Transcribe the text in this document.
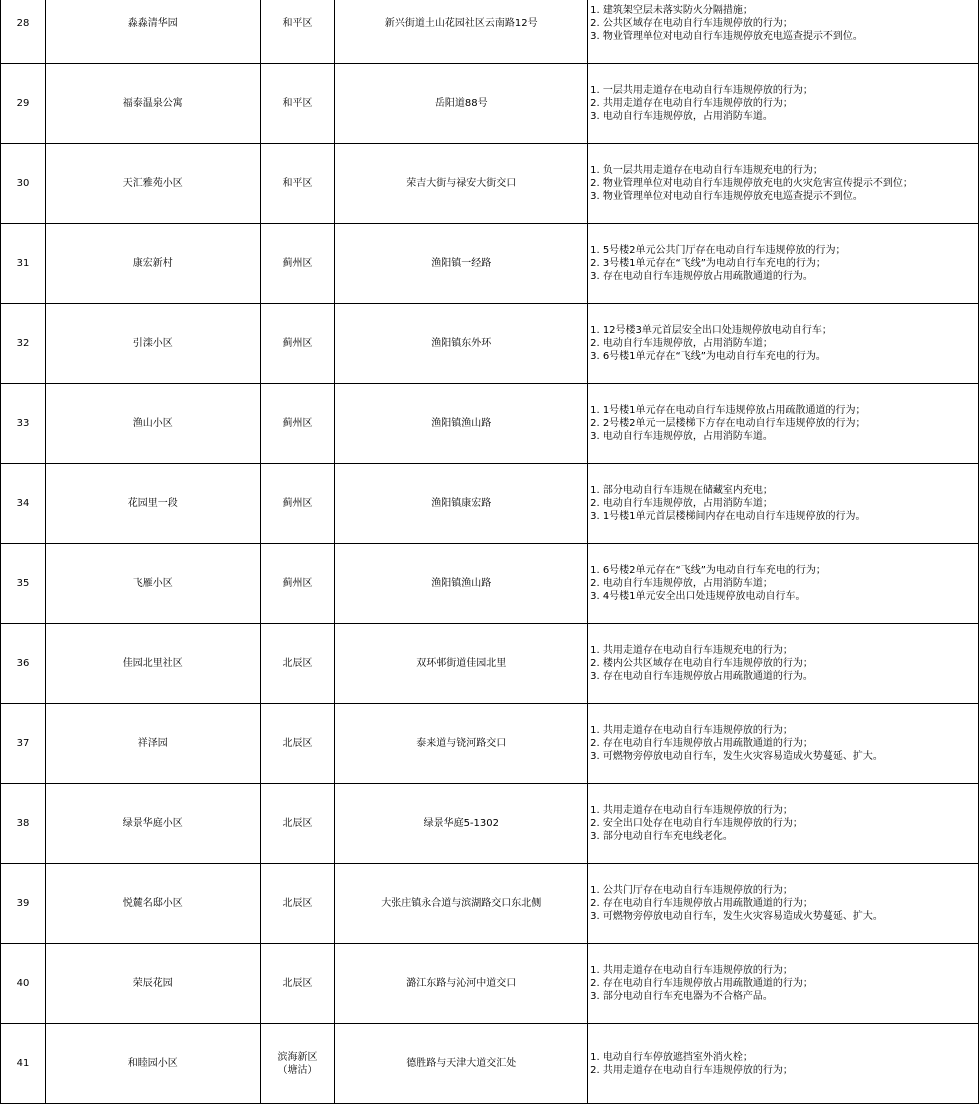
28	淼淼清华园	和平区	新兴街道土山花园社区云南路12号	1. 建筑架空层未落实防火分隔措施；
2. 公共区域存在电动自行车违规停放的行为；
3. 物业管理单位对电动自行车违规停放充电巡查提示不到位。

29	福泰温泉公寓	和平区	岳阳道88号	1. 一层共用走道存在电动自行车违规停放的行为；
2. 共用走道存在电动自行车违规停放的行为；
3. 电动自行车违规停放，占用消防车道。

30	天汇雅苑小区	和平区	荣吉大街与禄安大街交口	1. 负一层共用走道存在电动自行车违规充电的行为；
2. 物业管理单位对电动自行车违规停放充电的火灾危害宣传提示不到位；
3. 物业管理单位对电动自行车违规停放充电巡查提示不到位。

31	康宏新村	蓟州区	渔阳镇一经路	1. 5号楼2单元公共门厅存在电动自行车违规停放的行为；
2. 3号楼1单元存在“飞线”为电动自行车充电的行为；
3. 存在电动自行车违规停放占用疏散通道的行为。

32	引滦小区	蓟州区	渔阳镇东外环	1. 12号楼3单元首层安全出口处违规停放电动自行车；
2. 电动自行车违规停放，占用消防车道；
3. 6号楼1单元存在“飞线”为电动自行车充电的行为。

33	渔山小区	蓟州区	渔阳镇渔山路	1. 1号楼1单元存在电动自行车违规停放占用疏散通道的行为；
2. 2号楼2单元一层楼梯下方存在电动自行车违规停放的行为；
3. 电动自行车违规停放，占用消防车道。

34	花园里一段	蓟州区	渔阳镇康宏路	1. 部分电动自行车违规在储藏室内充电；
2. 电动自行车违规停放，占用消防车道；
3. 1号楼1单元首层楼梯间内存在电动自行车违规停放的行为。

35	飞雁小区	蓟州区	渔阳镇渔山路	1. 6号楼2单元存在“飞线”为电动自行车充电的行为；
2. 电动自行车违规停放，占用消防车道；
3. 4号楼1单元安全出口处违规停放电动自行车。

36	佳园北里社区	北辰区	双环邨街道佳园北里	1. 共用走道存在电动自行车违规充电的行为；
2. 楼内公共区域存在电动自行车违规停放的行为；
3. 存在电动自行车违规停放占用疏散通道的行为。

37	祥泽园	北辰区	泰来道与铙河路交口	1. 共用走道存在电动自行车违规停放的行为；
2. 存在电动自行车违规停放占用疏散通道的行为；
3. 可燃物旁停放电动自行车，发生火灾容易造成火势蔓延、扩大。

38	绿景华庭小区	北辰区	绿景华庭5-1302	1. 共用走道存在电动自行车违规停放的行为；
2. 安全出口处存在电动自行车违规停放的行为；
3. 部分电动自行车充电线老化。

39	悦麓名邸小区	北辰区	大张庄镇永合道与滨湖路交口东北侧	1. 公共门厅存在电动自行车违规停放的行为；
2. 存在电动自行车违规停放占用疏散通道的行为；
3. 可燃物旁停放电动自行车，发生火灾容易造成火势蔓延、扩大。

40	荣辰花园	北辰区	潞江东路与沁河中道交口	1. 共用走道存在电动自行车违规停放的行为；
2. 存在电动自行车违规停放占用疏散通道的行为；
3. 部分电动自行车充电器为不合格产品。

41	和睦园小区	滨海新区
（塘沽）	德胜路与天津大道交汇处	1. 电动自行车停放遮挡室外消火栓；
2. 共用走道存在电动自行车违规停放的行为；
